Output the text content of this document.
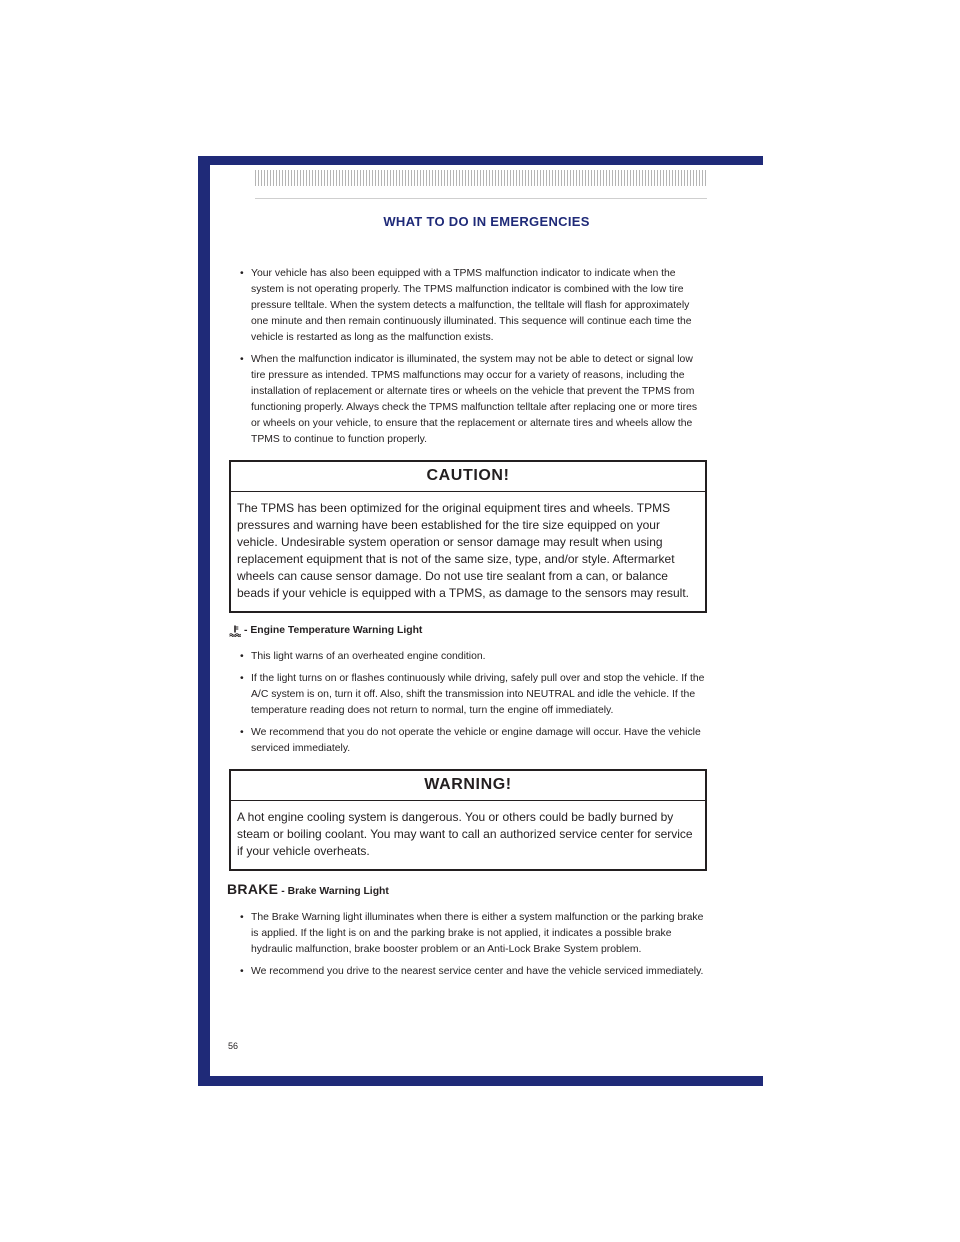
WHAT TO DO IN EMERGENCIES
• Your vehicle has also been equipped with a TPMS malfunction indicator to indicate when the system is not operating properly. The TPMS malfunction indicator is combined with the low tire pressure telltale. When the system detects a malfunction, the telltale will flash for approximately one minute and then remain continuously illuminated. This sequence will continue each time the vehicle is restarted as long as the malfunction exists.
• When the malfunction indicator is illuminated, the system may not be able to detect or signal low tire pressure as intended. TPMS malfunctions may occur for a variety of reasons, including the installation of replacement or alternate tires or wheels on the vehicle that prevent the TPMS from functioning properly. Always check the TPMS malfunction telltale after replacing one or more tires or wheels on your vehicle, to ensure that the replacement or alternate tires and wheels allow the TPMS to continue to function properly.
CAUTION!
The TPMS has been optimized for the original equipment tires and wheels. TPMS pressures and warning have been established for the tire size equipped on your vehicle. Undesirable system operation or sensor damage may result when using replacement equipment that is not of the same size, type, and/or style. Aftermarket wheels can cause sensor damage. Do not use tire sealant from a can, or balance beads if your vehicle is equipped with a TPMS, as damage to the sensors may result.
- Engine Temperature Warning Light
• This light warns of an overheated engine condition.
• If the light turns on or flashes continuously while driving, safely pull over and stop the vehicle. If the A/C system is on, turn it off. Also, shift the transmission into NEUTRAL and idle the vehicle. If the temperature reading does not return to normal, turn the engine off immediately.
• We recommend that you do not operate the vehicle or engine damage will occur. Have the vehicle serviced immediately.
WARNING!
A hot engine cooling system is dangerous. You or others could be badly burned by steam or boiling coolant. You may want to call an authorized service center for service if your vehicle overheats.
BRAKE - Brake Warning Light
• The Brake Warning light illuminates when there is either a system malfunction or the parking brake is applied. If the light is on and the parking brake is not applied, it indicates a possible brake hydraulic malfunction, brake booster problem or an Anti-Lock Brake System problem.
• We recommend you drive to the nearest service center and have the vehicle serviced immediately.
56
